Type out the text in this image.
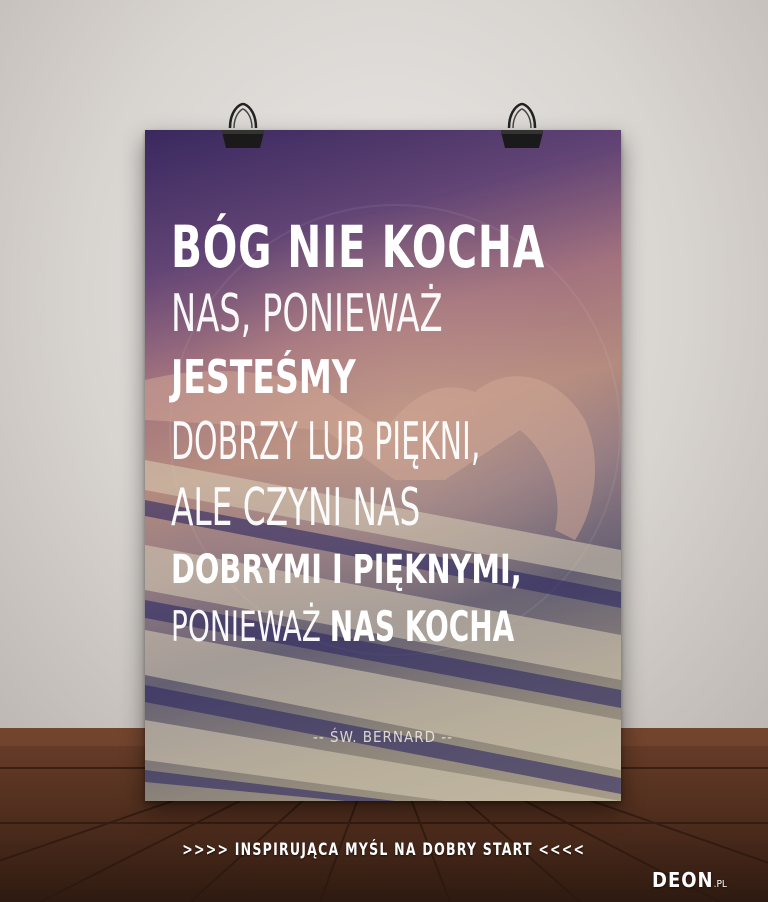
BÓG NIE KOCHA
NAS, PONIEWAŻ
JESTEŚMY
DOBRZY LUB PIĘKNI,
ALE CZYNI NAS
DOBRYMI I PIĘKNYMI,
PONIEWAŻ NAS KOCHA
-- ŚW. BERNARD --
>>>> INSPIRUJĄCA MYŚL NA DOBRY START <<<<
DEON.PL
